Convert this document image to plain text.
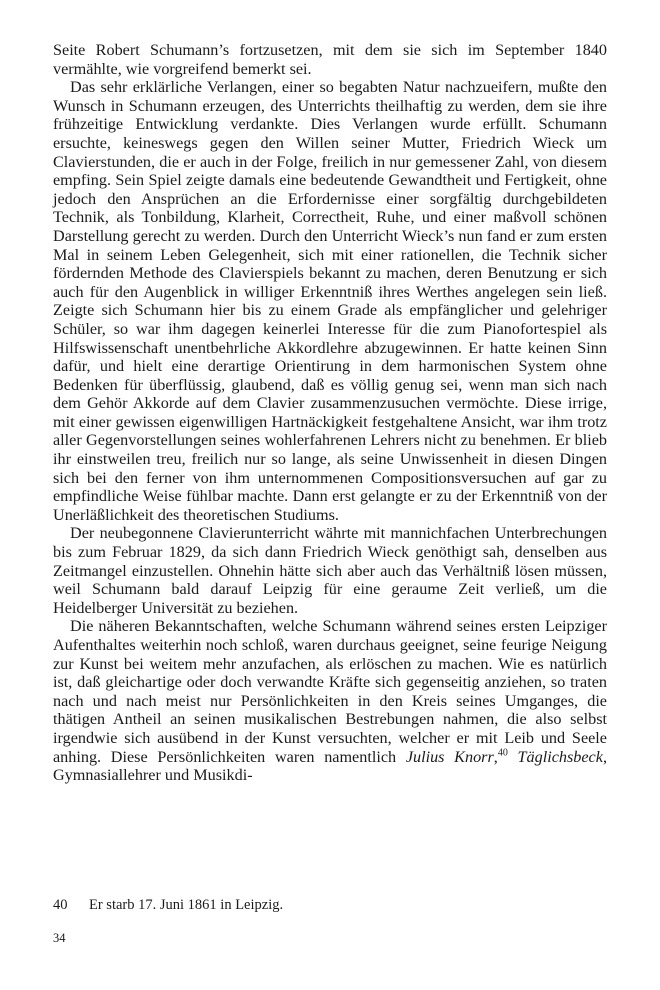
Seite Robert Schumann’s fortzusetzen, mit dem sie sich im September 1840 vermählte, wie vorgreifend bemerkt sei.

Das sehr erklärliche Verlangen, einer so begabten Natur nachzueifern, mußte den Wunsch in Schumann erzeugen, des Unterrichts theilhaftig zu werden, dem sie ihre frühzeitige Entwicklung verdankte. Dies Verlangen wurde erfüllt. Schumann ersuchte, keineswegs gegen den Willen seiner Mutter, Friedrich Wieck um Clavierstunden, die er auch in der Folge, freilich in nur gemessener Zahl, von diesem empfing. Sein Spiel zeigte damals eine bedeutende Gewandtheit und Fertigkeit, ohne jedoch den Ansprüchen an die Erfordernisse einer sorgfältig durchgebildeten Technik, als Tonbildung, Klarheit, Correctheit, Ruhe, und einer maßvoll schönen Darstellung gerecht zu werden. Durch den Unterricht Wieck’s nun fand er zum ersten Mal in seinem Leben Gelegenheit, sich mit einer rationellen, die Technik sicher fördernden Methode des Clavierspiels bekannt zu machen, deren Benutzung er sich auch für den Augenblick in williger Erkenntniß ihres Werthes angelegen sein ließ. Zeigte sich Schumann hier bis zu einem Grade als empfänglicher und gelehriger Schüler, so war ihm dagegen keinerlei Interesse für die zum Pianofortespiel als Hilfswissenschaft unentbehrliche Akkordlehre abzugewinnen. Er hatte keinen Sinn dafür, und hielt eine derartige Orientirung in dem harmonischen System ohne Bedenken für überflüssig, glaubend, daß es völlig genug sei, wenn man sich nach dem Gehör Akkorde auf dem Clavier zusammenzusuchen vermöchte. Diese irrige, mit einer gewissen eigenwilligen Hartnäckigkeit festgehaltene Ansicht, war ihm trotz aller Gegenvorstellungen seines wohlerfahrenen Lehrers nicht zu benehmen. Er blieb ihr einstweilen treu, freilich nur so lange, als seine Unwissenheit in diesen Dingen sich bei den ferner von ihm unternommenen Compositionsversuchen auf gar zu empfindliche Weise fühlbar machte. Dann erst gelangte er zu der Erkenntniß von der Unerläßlichkeit des theoretischen Studiums.

Der neubegonnene Clavierunterricht währte mit mannichfachen Unterbrechungen bis zum Februar 1829, da sich dann Friedrich Wieck genöthigt sah, denselben aus Zeitmangel einzustellen. Ohnehin hätte sich aber auch das Verhältniß lösen müssen, weil Schumann bald darauf Leipzig für eine geraume Zeit verließ, um die Heidelberger Universität zu beziehen.

Die näheren Bekanntschaften, welche Schumann während seines ersten Leipziger Aufenthaltes weiterhin noch schloß, waren durchaus geeignet, seine feurige Neigung zur Kunst bei weitem mehr anzufachen, als erlöschen zu machen. Wie es natürlich ist, daß gleichartige oder doch verwandte Kräfte sich gegenseitig anziehen, so traten nach und nach meist nur Persönlichkeiten in den Kreis seines Umganges, die thätigen Antheil an seinen musikalischen Bestrebungen nahmen, die also selbst irgendwie sich ausübend in der Kunst versuchten, welcher er mit Leib und Seele anhing. Diese Persönlichkeiten waren namentlich Julius Knorr,$^{40}$ Täglichsbeck, Gymnasiallehrer und Musikdi-

40 Er starb 17. Juni 1861 in Leipzig.
34
